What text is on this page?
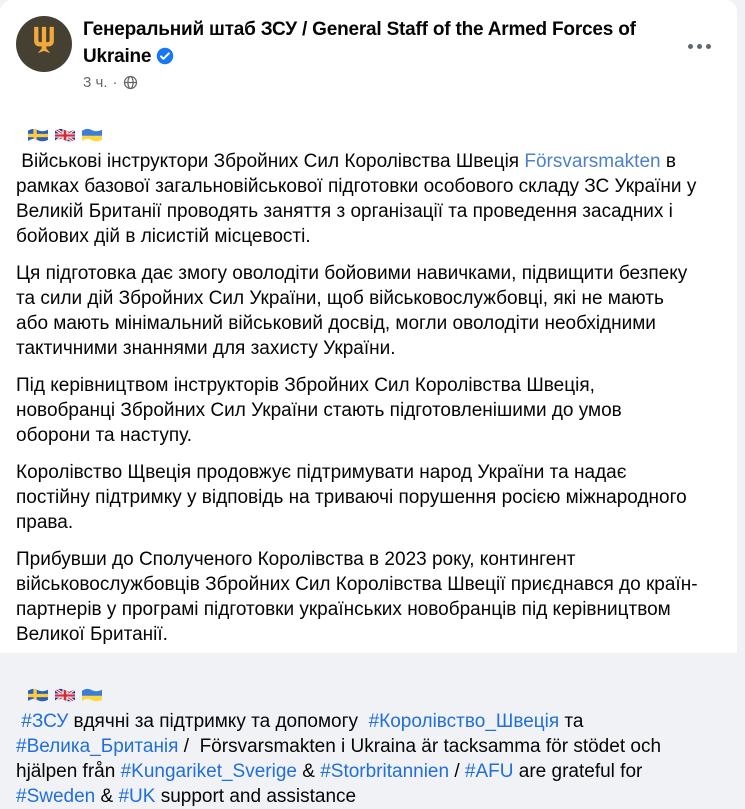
Генеральний штаб ЗСУ / General Staff of the Armed Forces of Ukraine
3 ч. ·

Військові інструктори Збройних Сил Королівства Швеція Försvarsmakten в рамках базової загальновійськової підготовки особового складу ЗС України у Великій Британії проводять заняття з організації та проведення засадних і бойових дій в лісистій місцевості.

Ця підготовка дає змогу оволодіти бойовими навичками, підвищити безпеку та сили дій Збройних Сил України, щоб військовослужбовці, які не мають або мають мінімальний військовий досвід, могли оволодіти необхідними тактичними знаннями для захисту України.

Під керівництвом інструкторів Збройних Сил Королівства Швеція, новобранці Збройних Сил України стають підготовленішими до умов оборони та наступу.

Королівство Щвеція продовжує підтримувати народ України та надає постійну підтримку у відповідь на триваючі порушення росією міжнародного права.

Прибувши до Сполученого Королівства в 2023 року, контингент військовослужбовців Збройних Сил Королівства Швеції приєднався до країн-партнерів у програмі підготовки українських новобранців під керівництвом Великої Британії.

#ЗСУ вдячні за підтримку та допомогу  #Королівство_Швеція та #Велика_Британія /  Försvarsmakten i Ukraina är tacksamma för stödet och hjälpen från #Kungariket_Sverige & #Storbritannien / #AFU are grateful for #Sweden & #UK support and assistance
